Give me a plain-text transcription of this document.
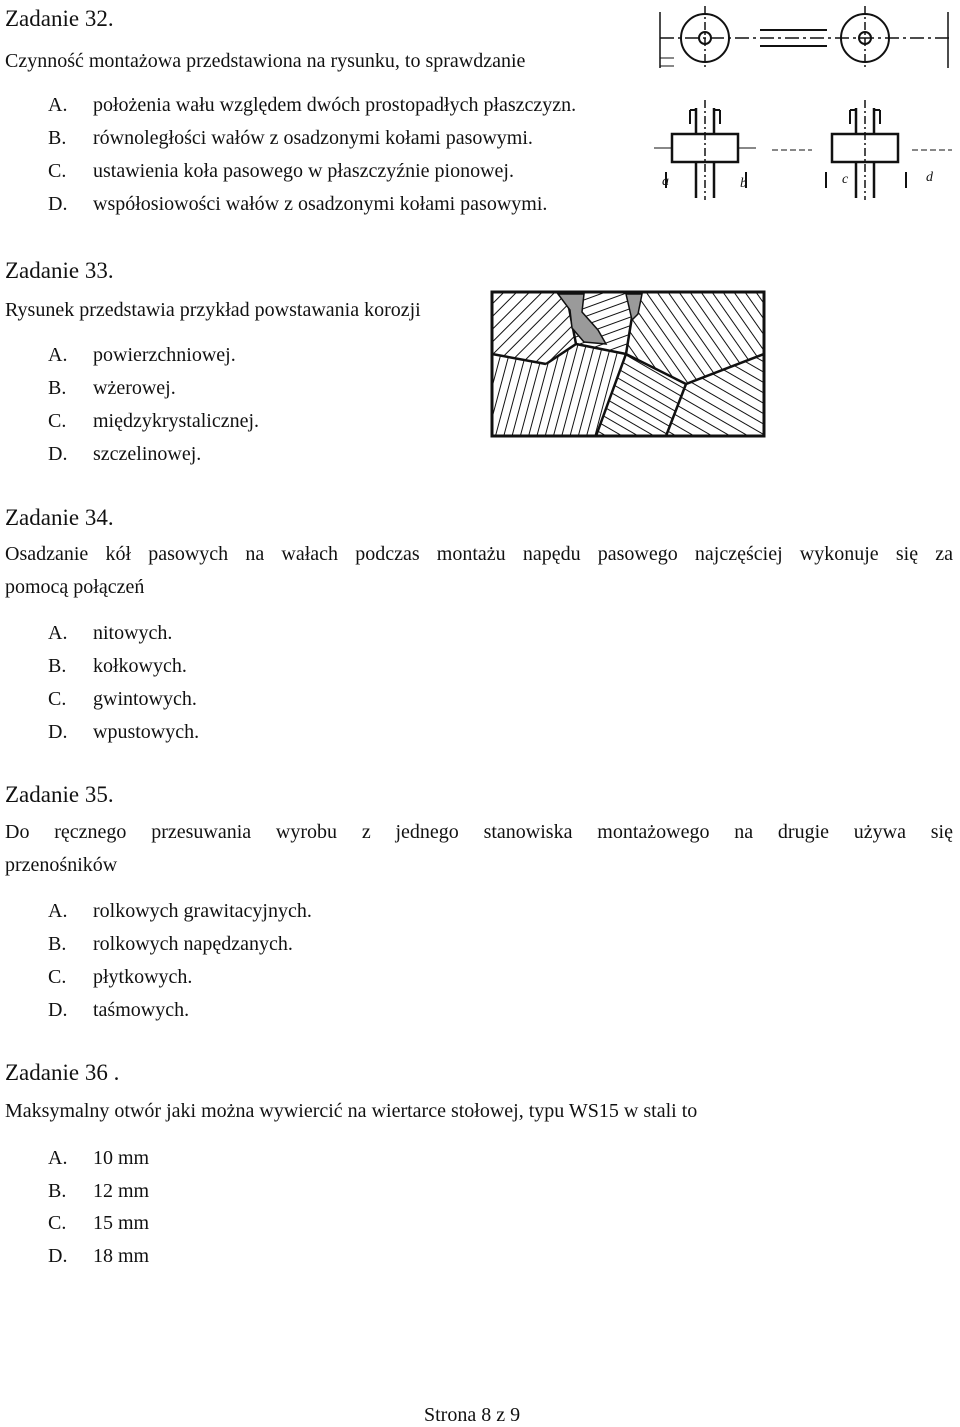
Zadanie 32.
Czynność montażowa przedstawiona na rysunku, to sprawdzanie
A. położenia wału względem dwóch prostopadłych płaszczyzn.
B. równoległości wałów z osadzonymi kołami pasowymi.
C. ustawienia koła pasowego w płaszczyźnie pionowej.
D. współosiowości wałów z osadzonymi kołami pasowymi.
a	b	c	d
Zadanie 33.
Rysunek przedstawia przykład powstawania korozji
A. powierzchniowej.
B. wżerowej.
C. międzykrystalicznej.
D. szczelinowej.
Zadanie 34.
Osadzanie kół pasowych na wałach podczas montażu napędu pasowego najczęściej wykonuje się za
pomocą połączeń
A. nitowych.
B. kołkowych.
C. gwintowych.
D. wpustowych.
Zadanie 35.
Do ręcznego przesuwania wyrobu z jednego stanowiska montażowego na drugie używa się
przenośników
A. rolkowych grawitacyjnych.
B. rolkowych napędzanych.
C. płytkowych.
D. taśmowych.
Zadanie 36 .
Maksymalny otwór jaki można wywiercić na wiertarce stołowej, typu WS15 w stali to
A. 10 mm
B. 12 mm
C. 15 mm
D. 18 mm
Strona 8 z 9
